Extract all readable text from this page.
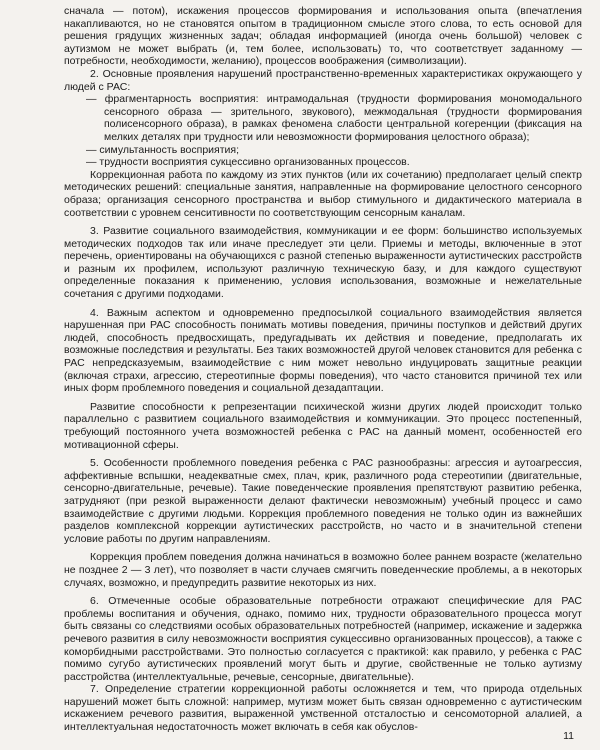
сначала — потом), искажения процессов формирования и использования опыта (впечатления накапливаются, но не становятся опытом в традиционном смысле этого слова, то есть основой для решения грядущих жизненных задач; обладая информацией (иногда очень большой) человек с аутизмом не может выбрать (и, тем более, использовать) то, что соответствует заданному — потребности, необходимости, желанию), процессов воображения (символизации).

2. Основные проявления нарушений пространственно-временных характеристиках окружающего у людей с РАС:

— фрагментарность восприятия: интрамодальная (трудности формирования мономодального сенсорного образа — зрительного, звукового), межмодальная (трудности формирования полисенсорного образа), в рамках феномена слабости центральной когеренции (фиксация на мелких деталях при трудности или невозможности формирования целостного образа);

— симультанность восприятия;

— трудности восприятия сукцессивно организованных процессов.

Коррекционная работа по каждому из этих пунктов (или их сочетанию) предполагает целый спектр методических решений: специальные занятия, направленные на формирование целостного сенсорного образа; организация сенсорного пространства и выбор стимульного и дидактического материала в соответствии с уровнем сенситивности по соответствующим сенсорным каналам.

3. Развитие социального взаимодействия, коммуникации и ее форм: большинство используемых методических подходов так или иначе преследует эти цели. Приемы и методы, включенные в этот перечень, ориентированы на обучающихся с разной степенью выраженности аутистических расстройств и разным их профилем, используют различную техническую базу, и для каждого существуют определенные показания к применению, условия использования, возможные и нежелательные сочетания с другими подходами.

4. Важным аспектом и одновременно предпосылкой социального взаимодействия является нарушенная при РАС способность понимать мотивы поведения, причины поступков и действий других людей, способность предвосхищать, предугадывать их действия и поведение, предполагать их возможные последствия и результаты. Без таких возможностей другой человек становится для ребенка с РАС непредсказуемым, взаимодействие с ним может невольно индуцировать защитные реакции (включая страхи, агрессию, стереотипные формы поведения), что часто становится причиной тех или иных форм проблемного поведения и социальной дезадаптации.

Развитие способности к репрезентации психической жизни других людей происходит только параллельно с развитием социального взаимодействия и коммуникации. Это процесс постепенный, требующий постоянного учета возможностей ребенка с РАС на данный момент, особенностей его мотивационной сферы.

5. Особенности проблемного поведения ребенка с РАС разнообразны: агрессия и аутоагрессия, аффективные вспышки, неадекватные смех, плач, крик, различного рода стереотипии (двигательные, сенсорно-двигательные, речевые). Такие поведенческие проявления препятствуют развитию ребенка, затрудняют (при резкой выраженности делают фактически невозможным) учебный процесс и само взаимодействие с другими людьми. Коррекция проблемного поведения не только один из важнейших разделов комплексной коррекции аутистических расстройств, но часто и в значительной степени условие работы по другим направлениям.

Коррекция проблем поведения должна начинаться в возможно более раннем возрасте (желательно не позднее 2 — 3 лет), что позволяет в части случаев смягчить поведенческие проблемы, а в некоторых случаях, возможно, и предупредить развитие некоторых из них.

6. Отмеченные особые образовательные потребности отражают специфические для РАС проблемы воспитания и обучения, однако, помимо них, трудности образовательного процесса могут быть связаны со следствиями особых образовательных потребностей (например, искажение и задержка речевого развития в силу невозможности восприятия сукцессивно организованных процессов), а также с коморбидными расстройствами. Это полностью согласуется с практикой: как правило, у ребенка с РАС помимо сугубо аутистических проявлений могут быть и другие, свойственные не только аутизму расстройства (интеллектуальные, речевые, сенсорные, двигательные).

7. Определение стратегии коррекционной работы осложняется и тем, что природа отдельных нарушений может быть сложной: например, мутизм может быть связан одновременно с аутистическим искажением речевого развития, выраженной умственной отсталостью и сенсомоторной алалией, а интеллектуальная недостаточность может включать в себя как обуслов-

11
